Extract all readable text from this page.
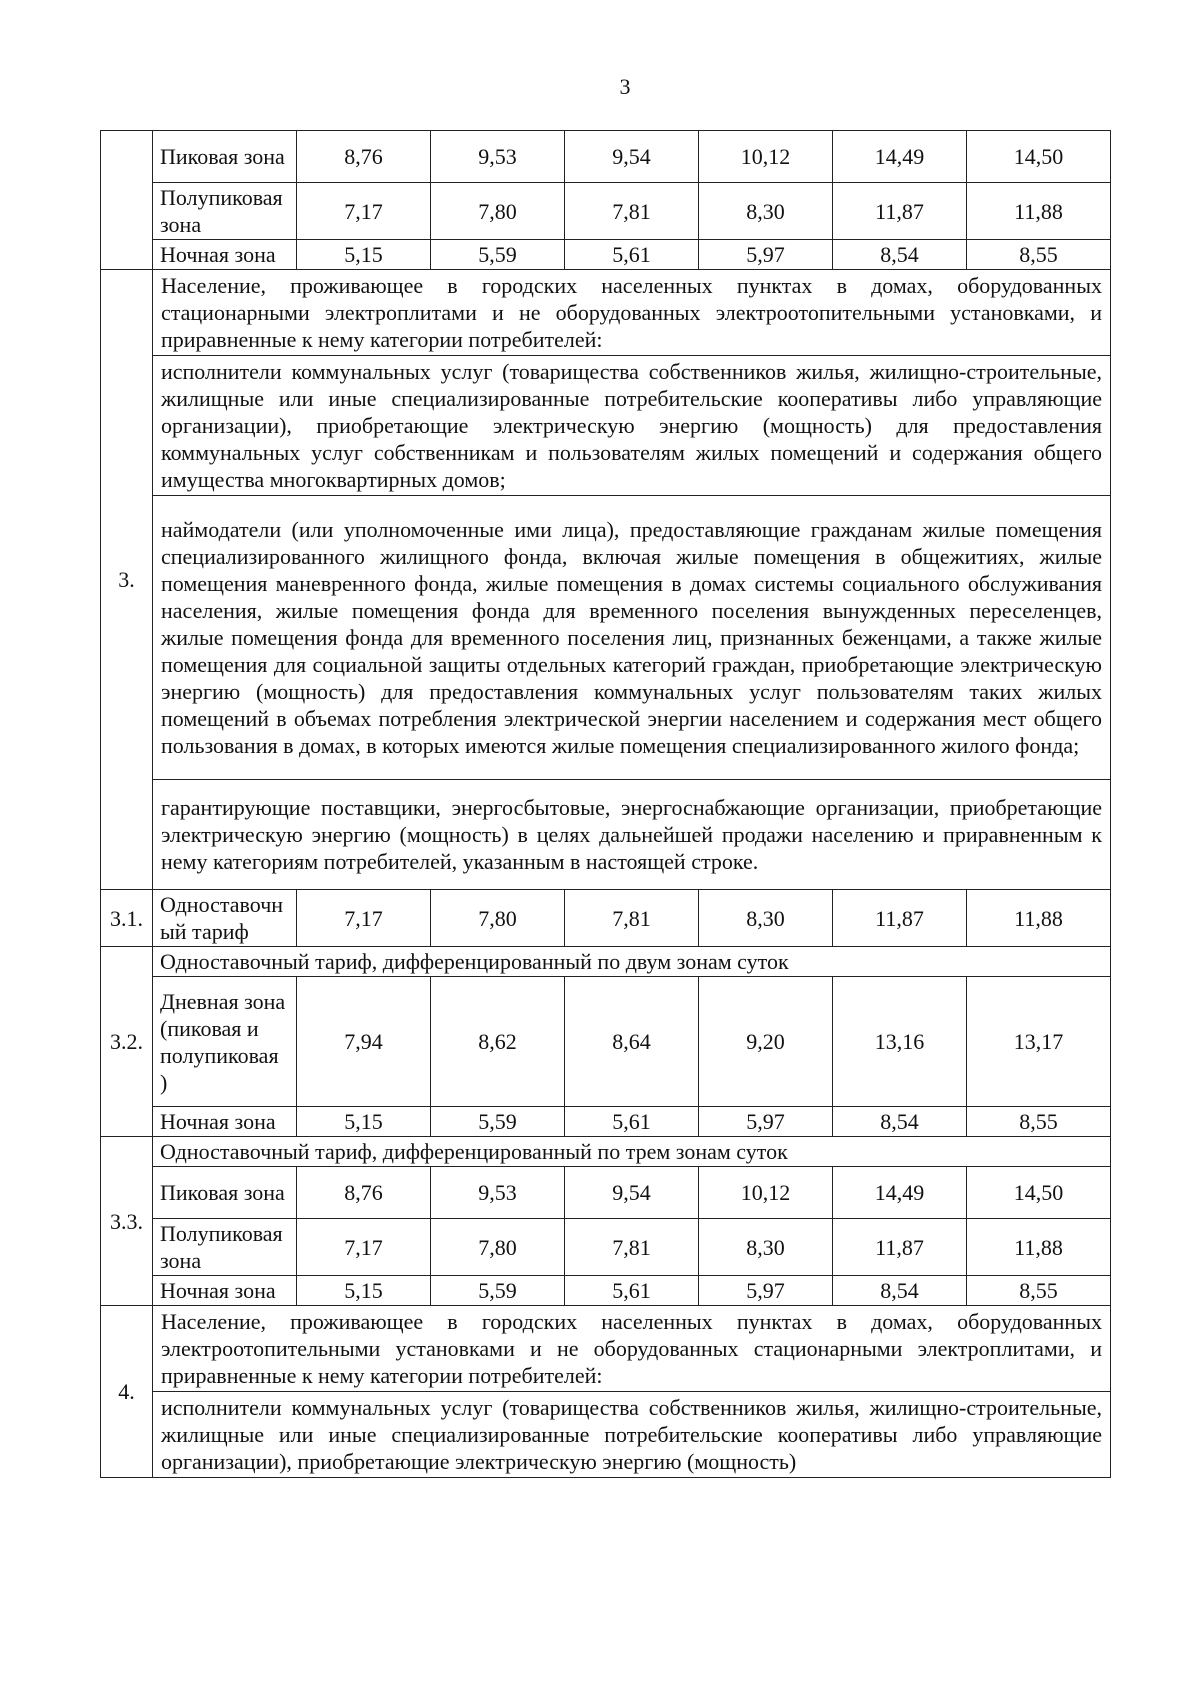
3
	Пиковая зона	8,76	9,53	9,54	10,12	14,49	14,50
	Полупиковая зона	7,17	7,80	7,81	8,30	11,87	11,88
	Ночная зона	5,15	5,59	5,61	5,97	8,54	8,55
3.	Население, проживающее в городских населенных пунктах в домах, оборудованных стационарными электроплитами и не оборудованных электроотопительными установками, и приравненные к нему категории потребителей:						
	исполнители коммунальных услуг (товарищества собственников жилья, жилищно-строительные, жилищные или иные специализированные потребительские кооперативы либо управляющие организации), приобретающие электрическую энергию (мощность) для предоставления коммунальных услуг собственникам и пользователям жилых помещений и содержания общего имущества многоквартирных домов;						
	наймодатели (или уполномоченные ими лица), предоставляющие гражданам жилые помещения специализированного жилищного фонда, включая жилые помещения в общежитиях, жилые помещения маневренного фонда, жилые помещения в домах системы социального обслуживания населения, жилые помещения фонда для временного поселения вынужденных переселенцев, жилые помещения фонда для временного поселения лиц, признанных беженцами, а также жилые помещения для социальной защиты отдельных категорий граждан, приобретающие электрическую энергию (мощность) для предоставления коммунальных услуг пользователям таких жилых помещений в объемах потребления электрической энергии населением и содержания мест общего пользования в домах, в которых имеются жилые помещения специализированного жилого фонда;						
	гарантирующие поставщики, энергосбытовые, энергоснабжающие организации, приобретающие электрическую энергию (мощность) в целях дальнейшей продажи населению и приравненным к нему категориям потребителей, указанным в настоящей строке.						
3.1.	Одноставочн ый тариф	7,17	7,80	7,81	8,30	11,87	11,88
3.2.	Одноставочный тариф, дифференцированный по двум зонам суток						
	Дневная зона (пиковая и полупиковая )	7,94	8,62	8,64	9,20	13,16	13,17
	Ночная зона	5,15	5,59	5,61	5,97	8,54	8,55
3.3.	Одноставочный тариф, дифференцированный по трем зонам суток						
	Пиковая зона	8,76	9,53	9,54	10,12	14,49	14,50
	Полупиковая зона	7,17	7,80	7,81	8,30	11,87	11,88
	Ночная зона	5,15	5,59	5,61	5,97	8,54	8,55
4.	Население, проживающее в городских населенных пунктах в домах, оборудованных электроотопительными установками и не оборудованных стационарными электроплитами, и приравненные к нему категории потребителей:						
	исполнители коммунальных услуг (товарищества собственников жилья, жилищно-строительные, жилищные или иные специализированные потребительские кооперативы либо управляющие организации), приобретающие электрическую энергию (мощность)						
